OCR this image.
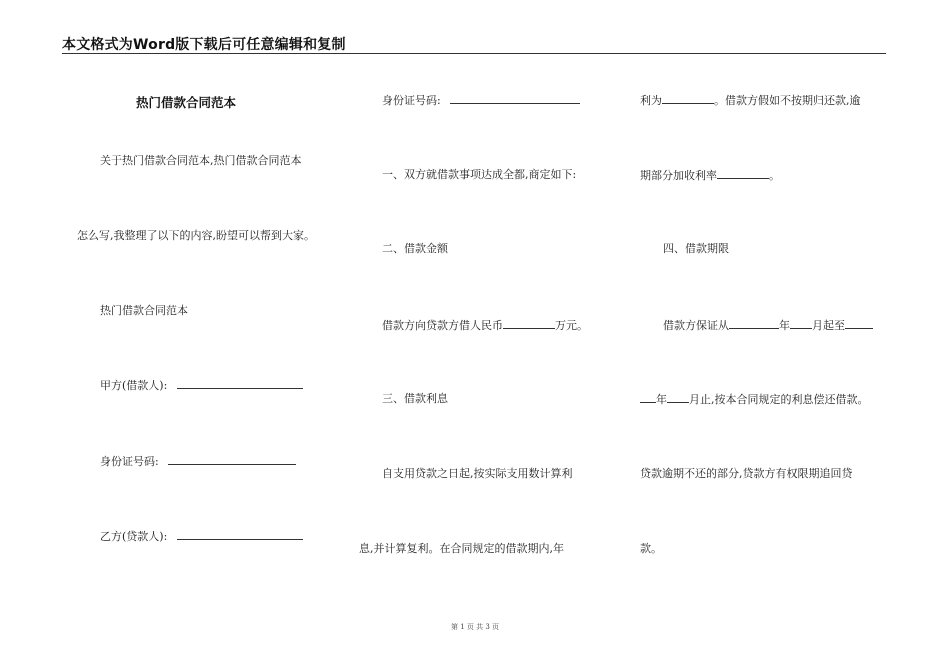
本文格式为Word版下载后可任意编辑和复制
热门借款合同范本
关于热门借款合同范本,热门借款合同范本
怎么写,我整理了以下的内容,盼望可以帮到大家。
热门借款合同范本
甲方(借款人):
身份证号码:
乙方(贷款人):
身份证号码:
一、双方就借款事项达成全都,商定如下:
二、借款金额
借款方向贷款方借人民币	万元。
三、借款利息
自支用贷款之日起,按实际支用数计算利
息,并计算复利。在合同规定的借款期内,年
利为	。借款方假如不按期归还款,逾
期部分加收利率	。
四、借款期限
借款方保证从	年 月起至
年 月止,按本合同规定的利息偿还借款。
贷款逾期不还的部分,贷款方有权限期追回贷
款。
第 1 页 共 3 页
